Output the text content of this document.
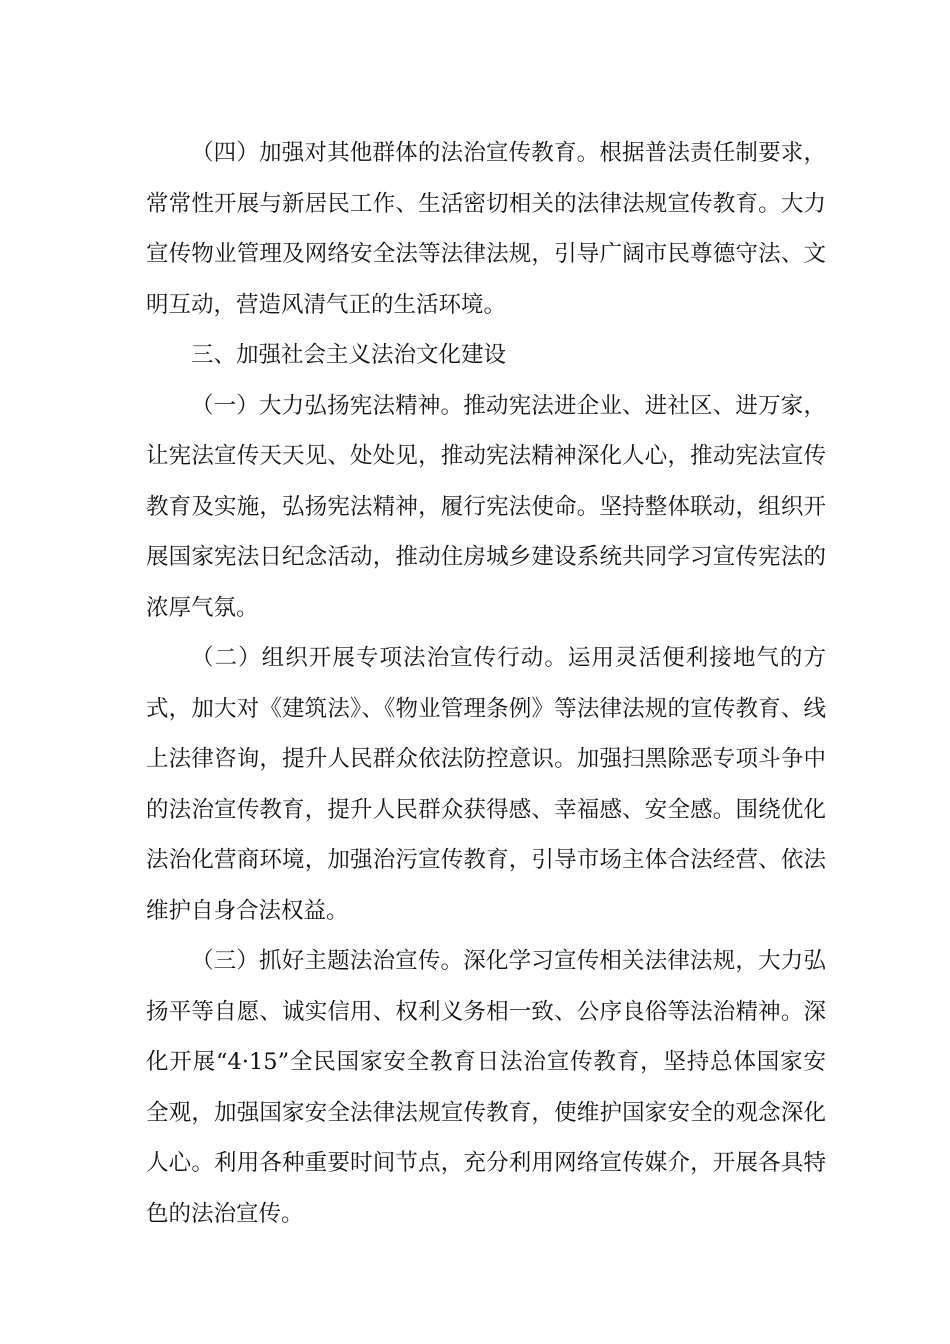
（四）加强对其他群体的法治宣传教育。根据普法责任制要求，常常性开展与新居民工作、生活密切相关的法律法规宣传教育。大力宣传物业管理及网络安全法等法律法规，引导广阔市民尊德守法、文明互动，营造风清气正的生活环境。

三、加强社会主义法治文化建设

（一）大力弘扬宪法精神。推动宪法进企业、进社区、进万家，让宪法宣传天天见、处处见，推动宪法精神深化人心，推动宪法宣传教育及实施，弘扬宪法精神，履行宪法使命。坚持整体联动，组织开展国家宪法日纪念活动，推动住房城乡建设系统共同学习宣传宪法的浓厚气氛。

（二）组织开展专项法治宣传行动。运用灵活便利接地气的方式，加大对《建筑法》、《物业管理条例》等法律法规的宣传教育、线上法律咨询，提升人民群众依法防控意识。加强扫黑除恶专项斗争中的法治宣传教育，提升人民群众获得感、幸福感、安全感。围绕优化法治化营商环境，加强治污宣传教育，引导市场主体合法经营、依法维护自身合法权益。

（三）抓好主题法治宣传。深化学习宣传相关法律法规，大力弘扬平等自愿、诚实信用、权利义务相一致、公序良俗等法治精神。深化开展“4·15”全民国家安全教育日法治宣传教育，坚持总体国家安全观，加强国家安全法律法规宣传教育，使维护国家安全的观念深化人心。利用各种重要时间节点，充分利用网络宣传媒介，开展各具特色的法治宣传。
